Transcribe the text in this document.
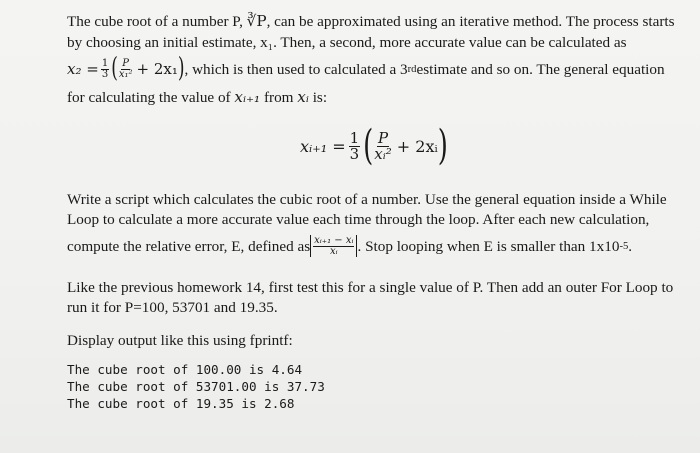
The cube root of a number P, ∛P, can be approximated using an iterative method. The process starts
by choosing an initial estimate, x₁. Then, a second, more accurate value can be calculated as
$x_2 = \frac{1}{3}$ ( $\frac{P}{\text{x₁²}} + 2x_1$ ) , which is then used to calculated a 3 rd estimate and so on. The general equation
for calculating the value of xᵢ₊₁ from xᵢ is:
xᵢ₊₁ = $\frac{1}{3}$ ( $\frac{P}{\text{xᵢ²}}$ + 2xᵢ )
Write a script which calculates the cubic root of a number. Use the general equation inside a While
Loop to calculate a more accurate value each time through the loop. After each new calculation,
compute the relative error, E, defined as $\frac{\text{xᵢ₊₁ − xᵢ}}{\text{xᵢ}}$ . Stop looping when E is smaller than 1x10 -5 .
Like the previous homework 14, first test this for a single value of P. Then add an outer For Loop to
run it for P=100, 53701 and 19.35.
Display output like this using fprintf:
The cube root of 100.00 is 4.64
The cube root of 53701.00 is 37.73
The cube root of 19.35 is 2.68
